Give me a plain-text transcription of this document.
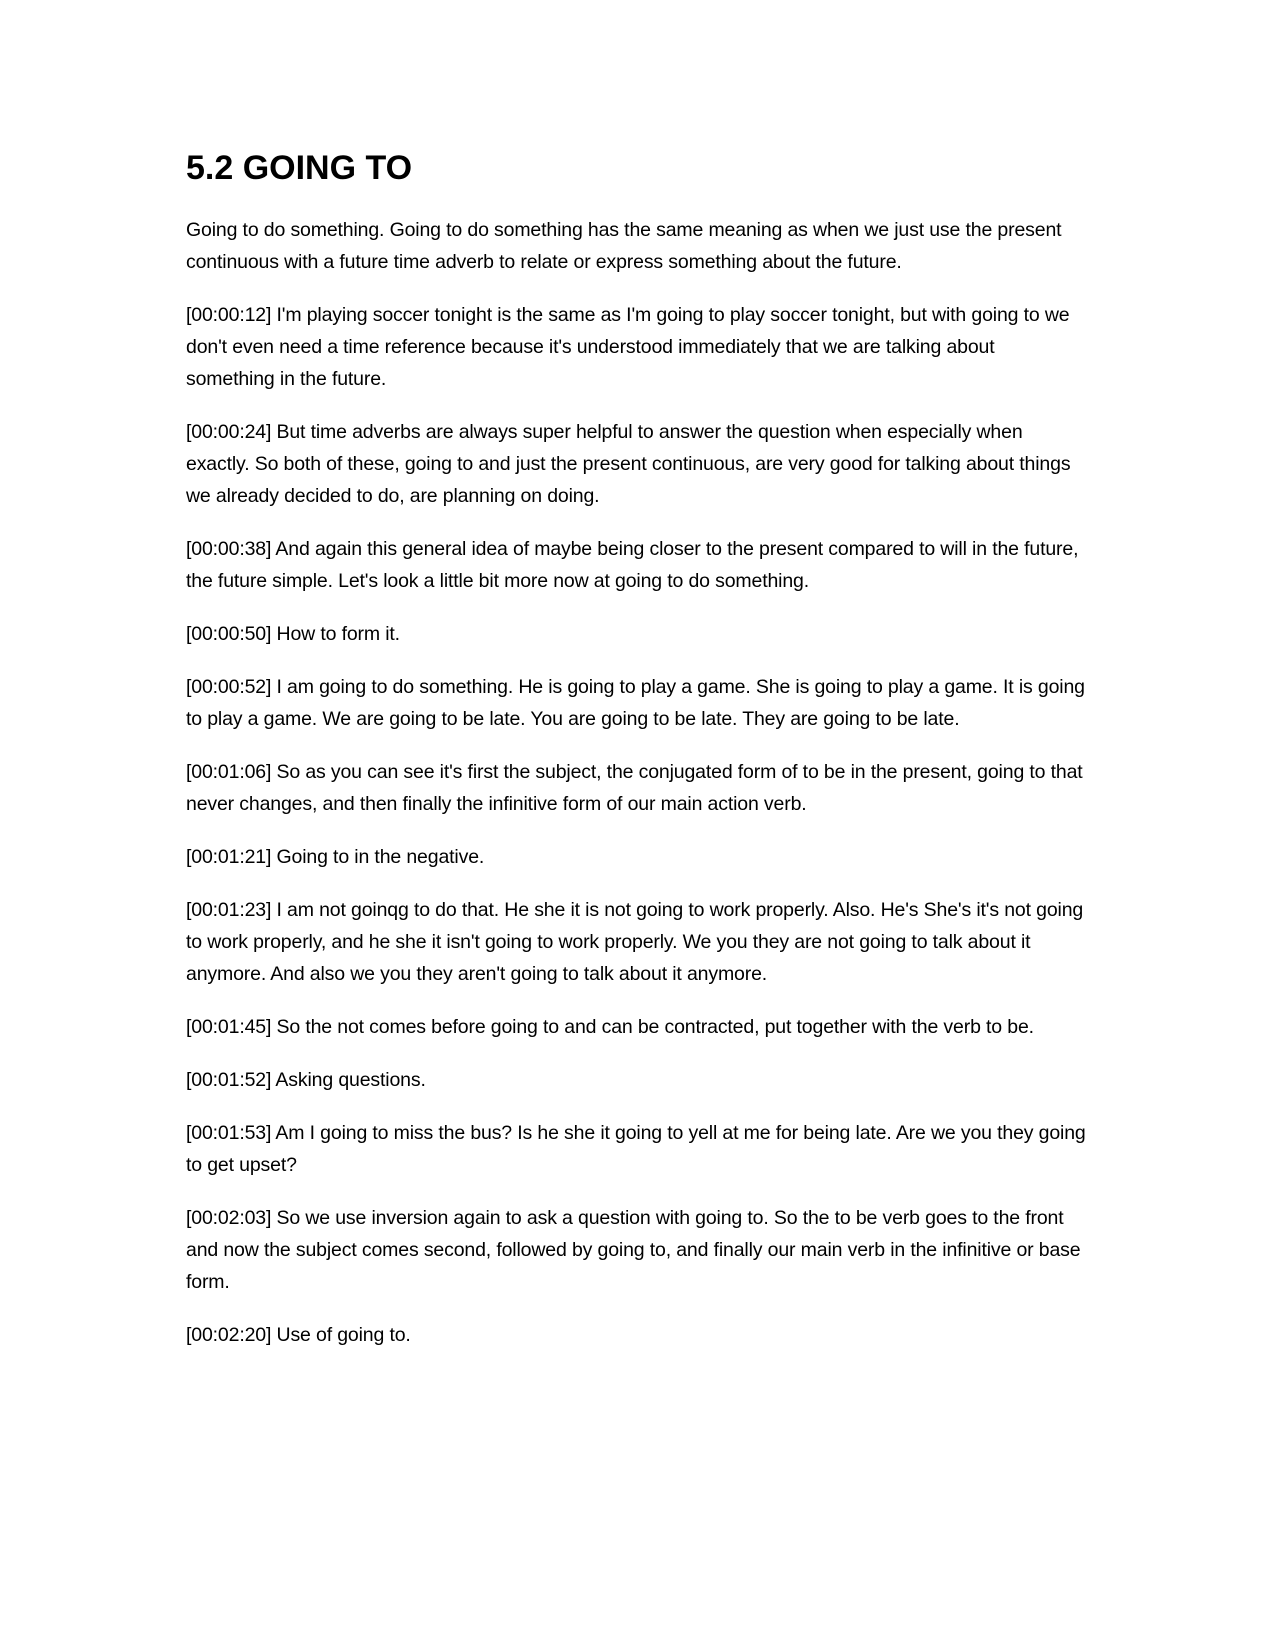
5.2 GOING TO

Going to do something. Going to do something has the same meaning as when we just use the present continuous with a future time adverb to relate or express something about the future.

[00:00:12] I'm playing soccer tonight is the same as I'm going to play soccer tonight, but with going to we don't even need a time reference because it's understood immediately that we are talking about something in the future.

[00:00:24] But time adverbs are always super helpful to answer the question when especially when exactly. So both of these, going to and just the present continuous, are very good for talking about things we already decided to do, are planning on doing.

[00:00:38] And again this general idea of maybe being closer to the present compared to will in the future, the future simple. Let's look a little bit more now at going to do something.

[00:00:50] How to form it.

[00:00:52] I am going to do something. He is going to play a game. She is going to play a game. It is going to play a game. We are going to be late. You are going to be late. They are going to be late.

[00:01:06] So as you can see it's first the subject, the conjugated form of to be in the present, going to that never changes, and then finally the infinitive form of our main action verb.

[00:01:21] Going to in the negative.

[00:01:23] I am not goinqg to do that. He she it is not going to work properly. Also. He's She's it's not going to work properly, and he she it isn't going to work properly. We you they are not going to talk about it anymore. And also we you they aren't going to talk about it anymore.

[00:01:45] So the not comes before going to and can be contracted, put together with the verb to be.

[00:01:52] Asking questions.

[00:01:53] Am I going to miss the bus? Is he she it going to yell at me for being late. Are we you they going to get upset?

[00:02:03] So we use inversion again to ask a question with going to. So the to be verb goes to the front and now the subject comes second, followed by going to, and finally our main verb in the infinitive or base form.

[00:02:20] Use of going to.
